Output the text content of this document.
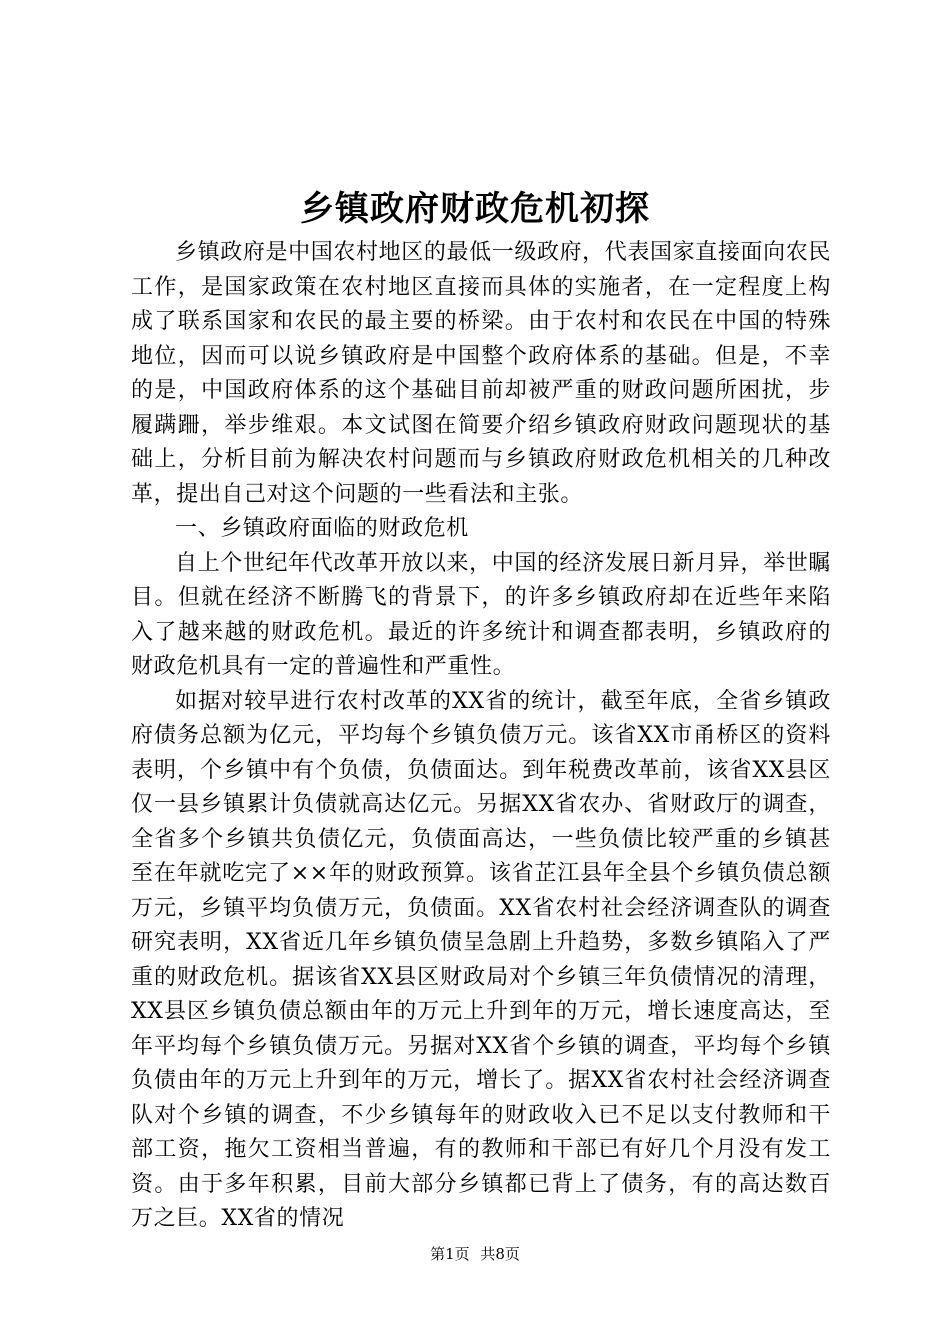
乡镇政府财政危机初探

乡镇政府是中国农村地区的最低一级政府，代表国家直接面向农民工作，是国家政策在农村地区直接而具体的实施者，在一定程度上构成了联系国家和农民的最主要的桥梁。由于农村和农民在中国的特殊地位，因而可以说乡镇政府是中国整个政府体系的基础。但是，不幸的是，中国政府体系的这个基础目前却被严重的财政问题所困扰，步履蹒跚，举步维艰。本文试图在简要介绍乡镇政府财政问题现状的基础上，分析目前为解决农村问题而与乡镇政府财政危机相关的几种改革，提出自己对这个问题的一些看法和主张。

一、乡镇政府面临的财政危机

自上个世纪年代改革开放以来，中国的经济发展日新月异，举世瞩目。但就在经济不断腾飞的背景下，的许多乡镇政府却在近些年来陷入了越来越的财政危机。最近的许多统计和调查都表明，乡镇政府的财政危机具有一定的普遍性和严重性。

如据对较早进行农村改革的XX省的统计，截至年底，全省乡镇政府债务总额为亿元，平均每个乡镇负债万元。该省XX市甬桥区的资料表明，个乡镇中有个负债，负债面达。到年税费改革前，该省XX县区仅一县乡镇累计负债就高达亿元。另据XX省农办、省财政厅的调查，全省多个乡镇共负债亿元，负债面高达，一些负债比较严重的乡镇甚至在年就吃完了××年的财政预算。该省芷江县年全县个乡镇负债总额万元，乡镇平均负债万元，负债面。XX省农村社会经济调查队的调查研究表明，XX省近几年乡镇负债呈急剧上升趋势，多数乡镇陷入了严重的财政危机。据该省XX县区财政局对个乡镇三年负债情况的清理，XX县区乡镇负债总额由年的万元上升到年的万元，增长速度高达，至年平均每个乡镇负债万元。另据对XX省个乡镇的调查，平均每个乡镇负债由年的万元上升到年的万元，增长了。据XX省农村社会经济调查队对个乡镇的调查，不少乡镇每年的财政收入已不足以支付教师和干部工资，拖欠工资相当普遍，有的教师和干部已有好几个月没有发工资。由于多年积累，目前大部分乡镇都已背上了债务，有的高达数百万之巨。XX省的情况

第1页 共8页
